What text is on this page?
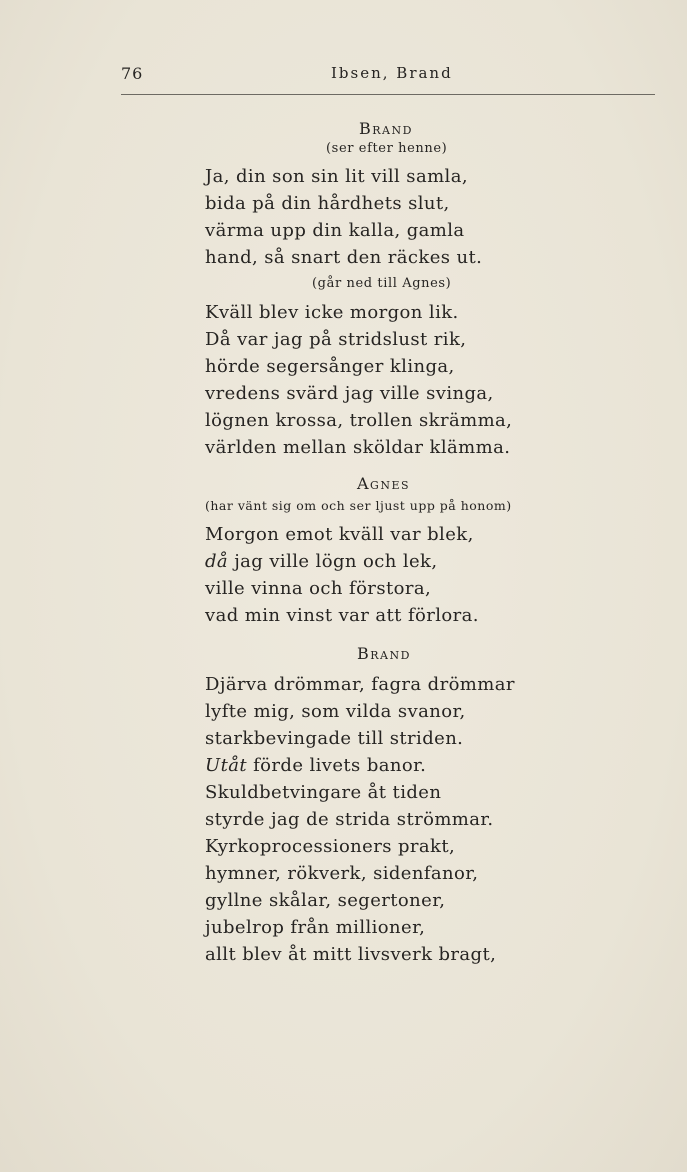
76	Ibsen, Brand
Brand
(ser efter henne)
Ja, din son sin lit vill samla,
bida på din hårdhets slut,
värma upp din kalla, gamla
hand, så snart den räckes ut.
(går ned till Agnes)
Kväll blev icke morgon lik.
Då var jag på stridslust rik,
hörde segersånger klinga,
vredens svärd jag ville svinga,
lögnen krossa, trollen skrämma,
världen mellan sköldar klämma.
Agnes
(har vänt sig om och ser ljust upp på honom)
Morgon emot kväll var blek,
då jag ville lögn och lek,
ville vinna och förstora,
vad min vinst var att förlora.
Brand
Djärva drömmar, fagra drömmar
lyfte mig, som vilda svanor,
starkbevingade till striden.
Utåt förde livets banor.
Skuldbetvingare åt tiden
styrde jag de strida strömmar.
Kyrkoprocessioners prakt,
hymner, rökverk, sidenfanor,
gyllne skålar, segertoner,
jubelrop från millioner,
allt blev åt mitt livsverk bragt,
